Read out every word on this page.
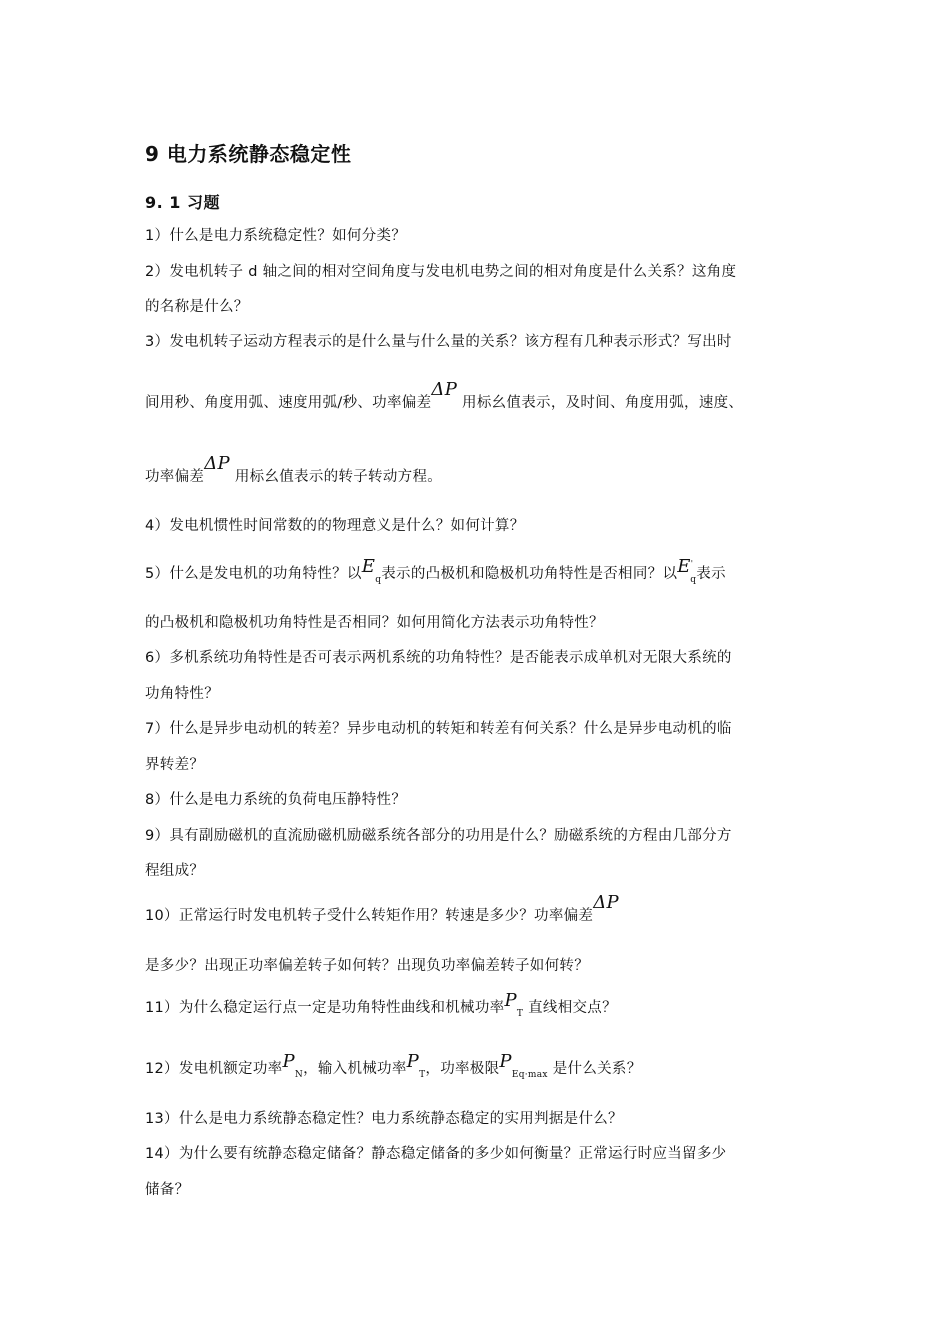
9 电力系统静态稳定性
9. 1 习题
1）什么是电力系统稳定性？如何分类？
2）发电机转子 d 轴之间的相对空间角度与发电机电势之间的相对角度是什么关系？这角度
的名称是什么？
3）发电机转子运动方程表示的是什么量与什么量的关系？该方程有几种表示形式？写出时
间用秒、角度用弧、速度用弧/秒、功率偏差ΔP 用标幺值表示，及时间、角度用弧，速度、
功率偏差ΔP 用标幺值表示的转子转动方程。
4）发电机惯性时间常数的的物理意义是什么？如何计算？
5）什么是发电机的功角特性？以$E_q$表示的凸极机和隐极机功角特性是否相同？以$E'_q$表示
的凸极机和隐极机功角特性是否相同？如何用简化方法表示功角特性？
6）多机系统功角特性是否可表示两机系统的功角特性？是否能表示成单机对无限大系统的
功角特性？
7）什么是异步电动机的转差？异步电动机的转矩和转差有何关系？什么是异步电动机的临
界转差？
8）什么是电力系统的负荷电压静特性？
9）具有副励磁机的直流励磁机励磁系统各部分的功用是什么？励磁系统的方程由几部分方
程组成？
10）正常运行时发电机转子受什么转矩作用？转速是多少？功率偏差ΔP
是多少？出现正功率偏差转子如何转？出现负功率偏差转子如何转？
11）为什么稳定运行点一定是功角特性曲线和机械功率$P_T$ 直线相交点？
12）发电机额定功率$P_N$，输入机械功率$P_T$，功率极限$P_{Eq\cdot max}$ 是什么关系？
13）什么是电力系统静态稳定性？电力系统静态稳定的实用判据是什么？
14）为什么要有统静态稳定储备？静态稳定储备的多少如何衡量？正常运行时应当留多少
储备？
